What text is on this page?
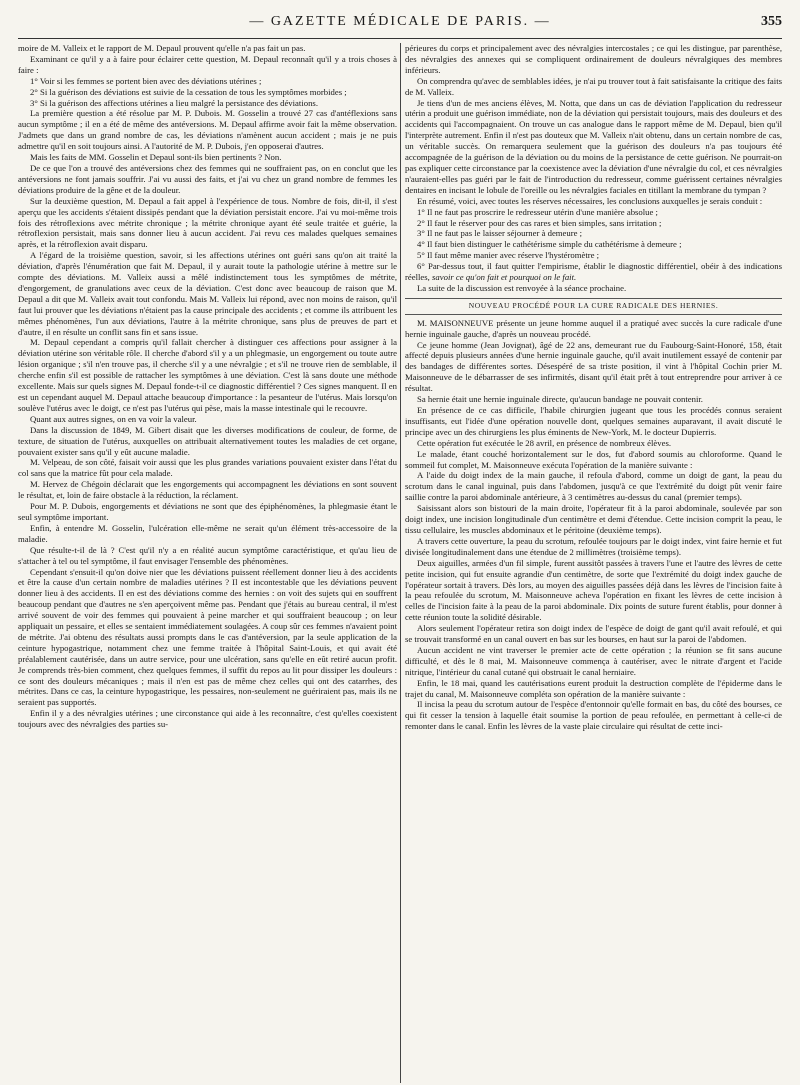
— GAZETTE MÉDICALE DE PARIS. —	355

moire de M. Valleix et le rapport de M. Depaul prouvent qu'elle n'a pas fait un pas.

Examinant ce qu'il y a à faire pour éclairer cette question, M. Depaul reconnaît qu'il y a trois choses à faire :

1° Voir si les femmes se portent bien avec des déviations utérines ;

2° Si la guérison des déviations est suivie de la cessation de tous les symptômes morbides ;

3° Si la guérison des affections utérines a lieu malgré la persistance des déviations.

La première question a été résolue par M. P. Dubois. M. Gosselin a trouvé 27 cas d'antéflexions sans aucun symptôme ; il en a été de même des antéversions. M. Depaul affirme avoir fait la même observation. J'admets que dans un grand nombre de cas, les déviations n'amènent aucun accident ; mais je ne puis admettre qu'il en soit toujours ainsi. A l'autorité de M. P. Dubois, j'en opposerai d'autres.

Mais les faits de MM. Gosselin et Depaul sont-ils bien pertinents ? Non.

De ce que l'on a trouvé des antéversions chez des femmes qui ne souffraient pas, on en conclut que les antéversions ne font jamais souffrir. J'ai vu aussi des faits, et j'ai vu chez un grand nombre de femmes les déviations produire de la gêne et de la douleur.

Sur la deuxième question, M. Depaul a fait appel à l'expérience de tous. Nombre de fois, dit-il, il s'est aperçu que les accidents s'étaient dissipés pendant que la déviation persistait encore. J'ai vu moi-même trois fois des rétroflexions avec métrite chronique ; la métrite chronique ayant été seule traitée et guérie, la rétroflexion persistait, mais sans donner lieu à aucun accident. J'ai revu ces malades quelques semaines après, et la rétroflexion avait disparu.

A l'égard de la troisième question, savoir, si les affections utérines ont guéri sans qu'on ait traité la déviation, d'après l'énumération que fait M. Depaul, il y aurait toute la pathologie utérine à mettre sur le compte des déviations. M. Valleix aussi a mêlé indistinctement tous les symptômes de métrite, d'engorgement, de granulations avec ceux de la déviation. C'est donc avec beaucoup de raison que M. Depaul a dit que M. Valleix avait tout confondu. Mais M. Valleix lui répond, avec non moins de raison, qu'il faut lui prouver que les déviations n'étaient pas la cause principale des accidents ; et comme ils attribuent les mêmes phénomènes, l'un aux déviations, l'autre à la métrite chronique, sans plus de preuves de part et d'autre, il en résulte un conflit sans fin et sans issue.

M. Depaul cependant a compris qu'il fallait chercher à distinguer ces affections pour assigner à la déviation utérine son véritable rôle. Il cherche d'abord s'il y a un phlegmasie, un engorgement ou toute autre lésion organique ; s'il n'en trouve pas, il cherche s'il y a une névralgie ; et s'il ne trouve rien de semblable, il cherche enfin s'il est possible de rattacher les symptômes à une déviation. C'est là sans doute une méthode excellente. Mais sur quels signes M. Depaul fonde-t-il ce diagnostic différentiel ? Ces signes manquent. Il en est un cependant auquel M. Depaul attache beaucoup d'importance : la pesanteur de l'utérus. Mais lorsqu'on soulève l'utérus avec le doigt, ce n'est pas l'utérus qui pèse, mais la masse intestinale qui le recouvre.

Quant aux autres signes, on en va voir la valeur.

Dans la discussion de 1849, M. Gibert disait que les diverses modifications de couleur, de forme, de texture, de situation de l'utérus, auxquelles on attribuait alternativement toutes les maladies de cet organe, pouvaient exister sans qu'il y eût aucune maladie.

M. Velpeau, de son côté, faisait voir aussi que les plus grandes variations pouvaient exister dans l'état du col sans que la matrice fût pour cela malade.

M. Hervez de Chégoin déclarait que les engorgements qui accompagnent les déviations en sont souvent le résultat, et, loin de faire obstacle à la réduction, la réclament.

Pour M. P. Dubois, engorgements et déviations ne sont que des épiphénomènes, la phlegmasie étant le seul symptôme important.

Enfin, à entendre M. Gosselin, l'ulcération elle-même ne serait qu'un élément très-accessoire de la maladie.

Que résulte-t-il de là ? C'est qu'il n'y a en réalité aucun symptôme caractéristique, et qu'au lieu de s'attacher à tel ou tel symptôme, il faut envisager l'ensemble des phénomènes.

Cependant s'ensuit-il qu'on doive nier que les déviations puissent réellement donner lieu à des accidents et être la cause d'un certain nombre de maladies utérines ? Il est incontestable que les déviations peuvent donner lieu à des accidents. Il en est des déviations comme des hernies : on voit des sujets qui en souffrent beaucoup pendant que d'autres ne s'en aperçoivent même pas. Pendant que j'étais au bureau central, il m'est arrivé souvent de voir des femmes qui pouvaient à peine marcher et qui souffraient beaucoup ; on leur appliquait un pessaire, et elles se sentaient immédiatement soulagées. A coup sûr ces femmes n'avaient point de métrite. J'ai obtenu des résultats aussi prompts dans le cas d'antéversion, par la seule application de la ceinture hypogastrique, notamment chez une femme traitée à l'hôpital Saint-Louis, et qui avait été préalablement cautérisée, dans un autre service, pour une ulcération, sans qu'elle en eût retiré aucun profit. Je comprends très-bien comment, chez quelques femmes, il suffit du repos au lit pour dissiper les douleurs : ce sont des douleurs mécaniques ; mais il n'en est pas de même chez celles qui ont des catarrhes, des métrites. Dans ce cas, la ceinture hypogastrique, les pessaires, non-seulement ne guériraient pas, mais ils ne seraient pas supportés.

Enfin il y a des névralgies utérines ; une circonstance qui aide à les reconnaître, c'est qu'elles coexistent toujours avec des névralgies des parties su-

périeures du corps et principalement avec des névralgies intercostales ; ce qui les distingue, par parenthèse, des névralgies des annexes qui se compliquent ordinairement de douleurs névralgiques des membres inférieurs.

On comprendra qu'avec de semblables idées, je n'ai pu trouver tout à fait satisfaisante la critique des faits de M. Valleix.

Je tiens d'un de mes anciens élèves, M. Notta, que dans un cas de déviation l'application du redresseur utérin a produit une guérison immédiate, non de la déviation qui persistait toujours, mais des douleurs et des accidents qui l'accompagnaient. On trouve un cas analogue dans le rapport même de M. Depaul, bien qu'il l'interprète autrement. Enfin il n'est pas douteux que M. Valleix n'ait obtenu, dans un certain nombre de cas, un véritable succès. On remarquera seulement que la guérison des douleurs n'a pas toujours été accompagnée de la guérison de la déviation ou du moins de la persistance de cette guérison. Ne pourrait-on pas expliquer cette circonstance par la coexistence avec la déviation d'une névralgie du col, et ces névralgies n'auraient-elles pas guéri par le fait de l'introduction du redresseur, comme guérissent certaines névralgies dentaires en incisant le lobule de l'oreille ou les névralgies faciales en titillant la membrane du tympan ?

En résumé, voici, avec toutes les réserves nécessaires, les conclusions auxquelles je serais conduit :

1° Il ne faut pas proscrire le redresseur utérin d'une manière absolue ;

2° Il faut le réserver pour des cas rares et bien simples, sans irritation ;

3° Il ne faut pas le laisser séjourner à demeure ;

4° Il faut bien distinguer le cathétérisme simple du cathétérisme à demeure ;

5° Il faut même manier avec réserve l'hystéromètre ;

6° Par-dessus tout, il faut quitter l'empirisme, établir le diagnostic différentiel, obéir à des indications réelles, savoir ce qu'on fait et pourquoi on le fait.

La suite de la discussion est renvoyée à la séance prochaine.

NOUVEAU PROCÉDÉ POUR LA CURE RADICALE DES HERNIES.

M. MAISONNEUVE présente un jeune homme auquel il a pratiqué avec succès la cure radicale d'une hernie inguinale gauche, d'après un nouveau procédé.

Ce jeune homme (Jean Jovignat), âgé de 22 ans, demeurant rue du Faubourg-Saint-Honoré, 158, était affecté depuis plusieurs années d'une hernie inguinale gauche, qu'il avait inutilement essayé de contenir par des bandages de différentes sortes. Désespéré de sa triste position, il vint à l'hôpital Cochin prier M. Maisonneuve de le débarrasser de ses infirmités, disant qu'il était prêt à tout entreprendre pour arriver à ce résultat.

Sa hernie était une hernie inguinale directe, qu'aucun bandage ne pouvait contenir.

En présence de ce cas difficile, l'habile chirurgien jugeant que tous les procédés connus seraient insuffisants, eut l'idée d'une opération nouvelle dont, quelques semaines auparavant, il avait discuté le principe avec un des chirurgiens les plus éminents de New-York, M. le docteur Dupierris.

Cette opération fut exécutée le 28 avril, en présence de nombreux élèves.

Le malade, étant couché horizontalement sur le dos, fut d'abord soumis au chloroforme. Quand le sommeil fut complet, M. Maisonneuve exécuta l'opération de la manière suivante :

A l'aide du doigt index de la main gauche, il refoula d'abord, comme un doigt de gant, la peau du scrotum dans le canal inguinal, puis dans l'abdomen, jusqu'à ce que l'extrémité du doigt pût venir faire saillie contre la paroi abdominale antérieure, à 3 centimètres au-dessus du canal (premier temps).

Saisissant alors son bistouri de la main droite, l'opérateur fit à la paroi abdominale, soulevée par son doigt index, une incision longitudinale d'un centimètre et demi d'étendue. Cette incision comprit la peau, le tissu cellulaire, les muscles abdominaux et le péritoine (deuxième temps).

A travers cette ouverture, la peau du scrotum, refoulée toujours par le doigt index, vint faire hernie et fut divisée longitudinalement dans une étendue de 2 millimètres (troisième temps).

Deux aiguilles, armées d'un fil simple, furent aussitôt passées à travers l'une et l'autre des lèvres de cette petite incision, qui fut ensuite agrandie d'un centimètre, de sorte que l'extrémité du doigt index gauche de l'opérateur sortait à travers. Dès lors, au moyen des aiguilles passées déjà dans les lèvres de l'incision faite à la peau refoulée du scrotum, M. Maisonneuve acheva l'opération en fixant les lèvres de cette incision à celles de l'incision faite à la peau de la paroi abdominale. Dix points de suture furent établis, pour donner à cette réunion toute la solidité désirable.

Alors seulement l'opérateur retira son doigt index de l'espèce de doigt de gant qu'il avait refoulé, et qui se trouvait transformé en un canal ouvert en bas sur les bourses, en haut sur la paroi de l'abdomen.

Aucun accident ne vint traverser le premier acte de cette opération ; la réunion se fit sans aucune difficulté, et dès le 8 mai, M. Maisonneuve commença à cautériser, avec le nitrate d'argent et l'acide nitrique, l'intérieur du canal cutané qui obstruait le canal herniaire.

Enfin, le 18 mai, quand les cautérisations eurent produit la destruction complète de l'épiderme dans le trajet du canal, M. Maisonneuve compléta son opération de la manière suivante :

Il incisa la peau du scrotum autour de l'espèce d'entonnoir qu'elle formait en bas, du côté des bourses, ce qui fit cesser la tension à laquelle était soumise la portion de peau refoulée, en permettant à celle-ci de remonter dans le canal. Enfin les lèvres de la vaste plaie circulaire qui résultat de cette inci-
